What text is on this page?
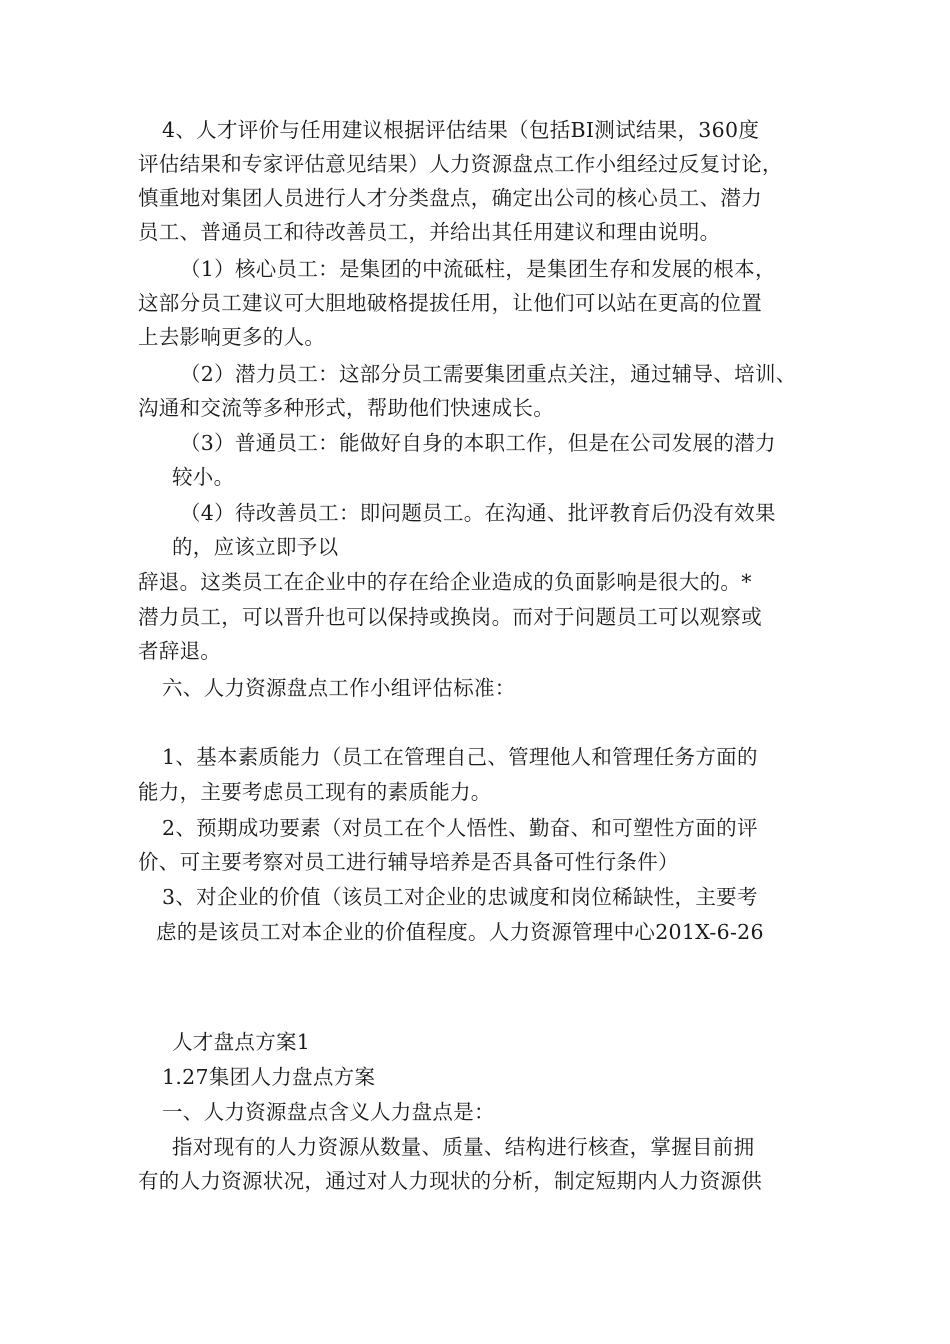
4、人才评价与任用建议根据评估结果（包括BI测试结果，360度
评估结果和专家评估意见结果）人力资源盘点工作小组经过反复讨论，
慎重地对集团人员进行人才分类盘点，确定出公司的核心员工、潜力
员工、普通员工和待改善员工，并给出其任用建议和理由说明。
（1）核心员工：是集团的中流砥柱，是集团生存和发展的根本，
这部分员工建议可大胆地破格提拔任用，让他们可以站在更高的位置
上去影响更多的人。
（2）潜力员工：这部分员工需要集团重点关注，通过辅导、培训、
沟通和交流等多种形式，帮助他们快速成长。
（3）普通员工：能做好自身的本职工作，但是在公司发展的潜力
较小。
（4）待改善员工：即问题员工。在沟通、批评教育后仍没有效果
的，应该立即予以
辞退。这类员工在企业中的存在给企业造成的负面影响是很大的。*
潜力员工，可以晋升也可以保持或换岗。而对于问题员工可以观察或
者辞退。
六、人力资源盘点工作小组评估标准：
1、基本素质能力（员工在管理自己、管理他人和管理任务方面的
能力，主要考虑员工现有的素质能力。
2、预期成功要素（对员工在个人悟性、勤奋、和可塑性方面的评
价、可主要考察对员工进行辅导培养是否具备可性行条件）
3、对企业的价值（该员工对企业的忠诚度和岗位稀缺性，主要考
虑的是该员工对本企业的价值程度。人力资源管理中心201X-6-26
人才盘点方案1
1.27集团人力盘点方案
一、人力资源盘点含义人力盘点是：
指对现有的人力资源从数量、质量、结构进行核查，掌握目前拥
有的人力资源状况，通过对人力现状的分析，制定短期内人力资源供
